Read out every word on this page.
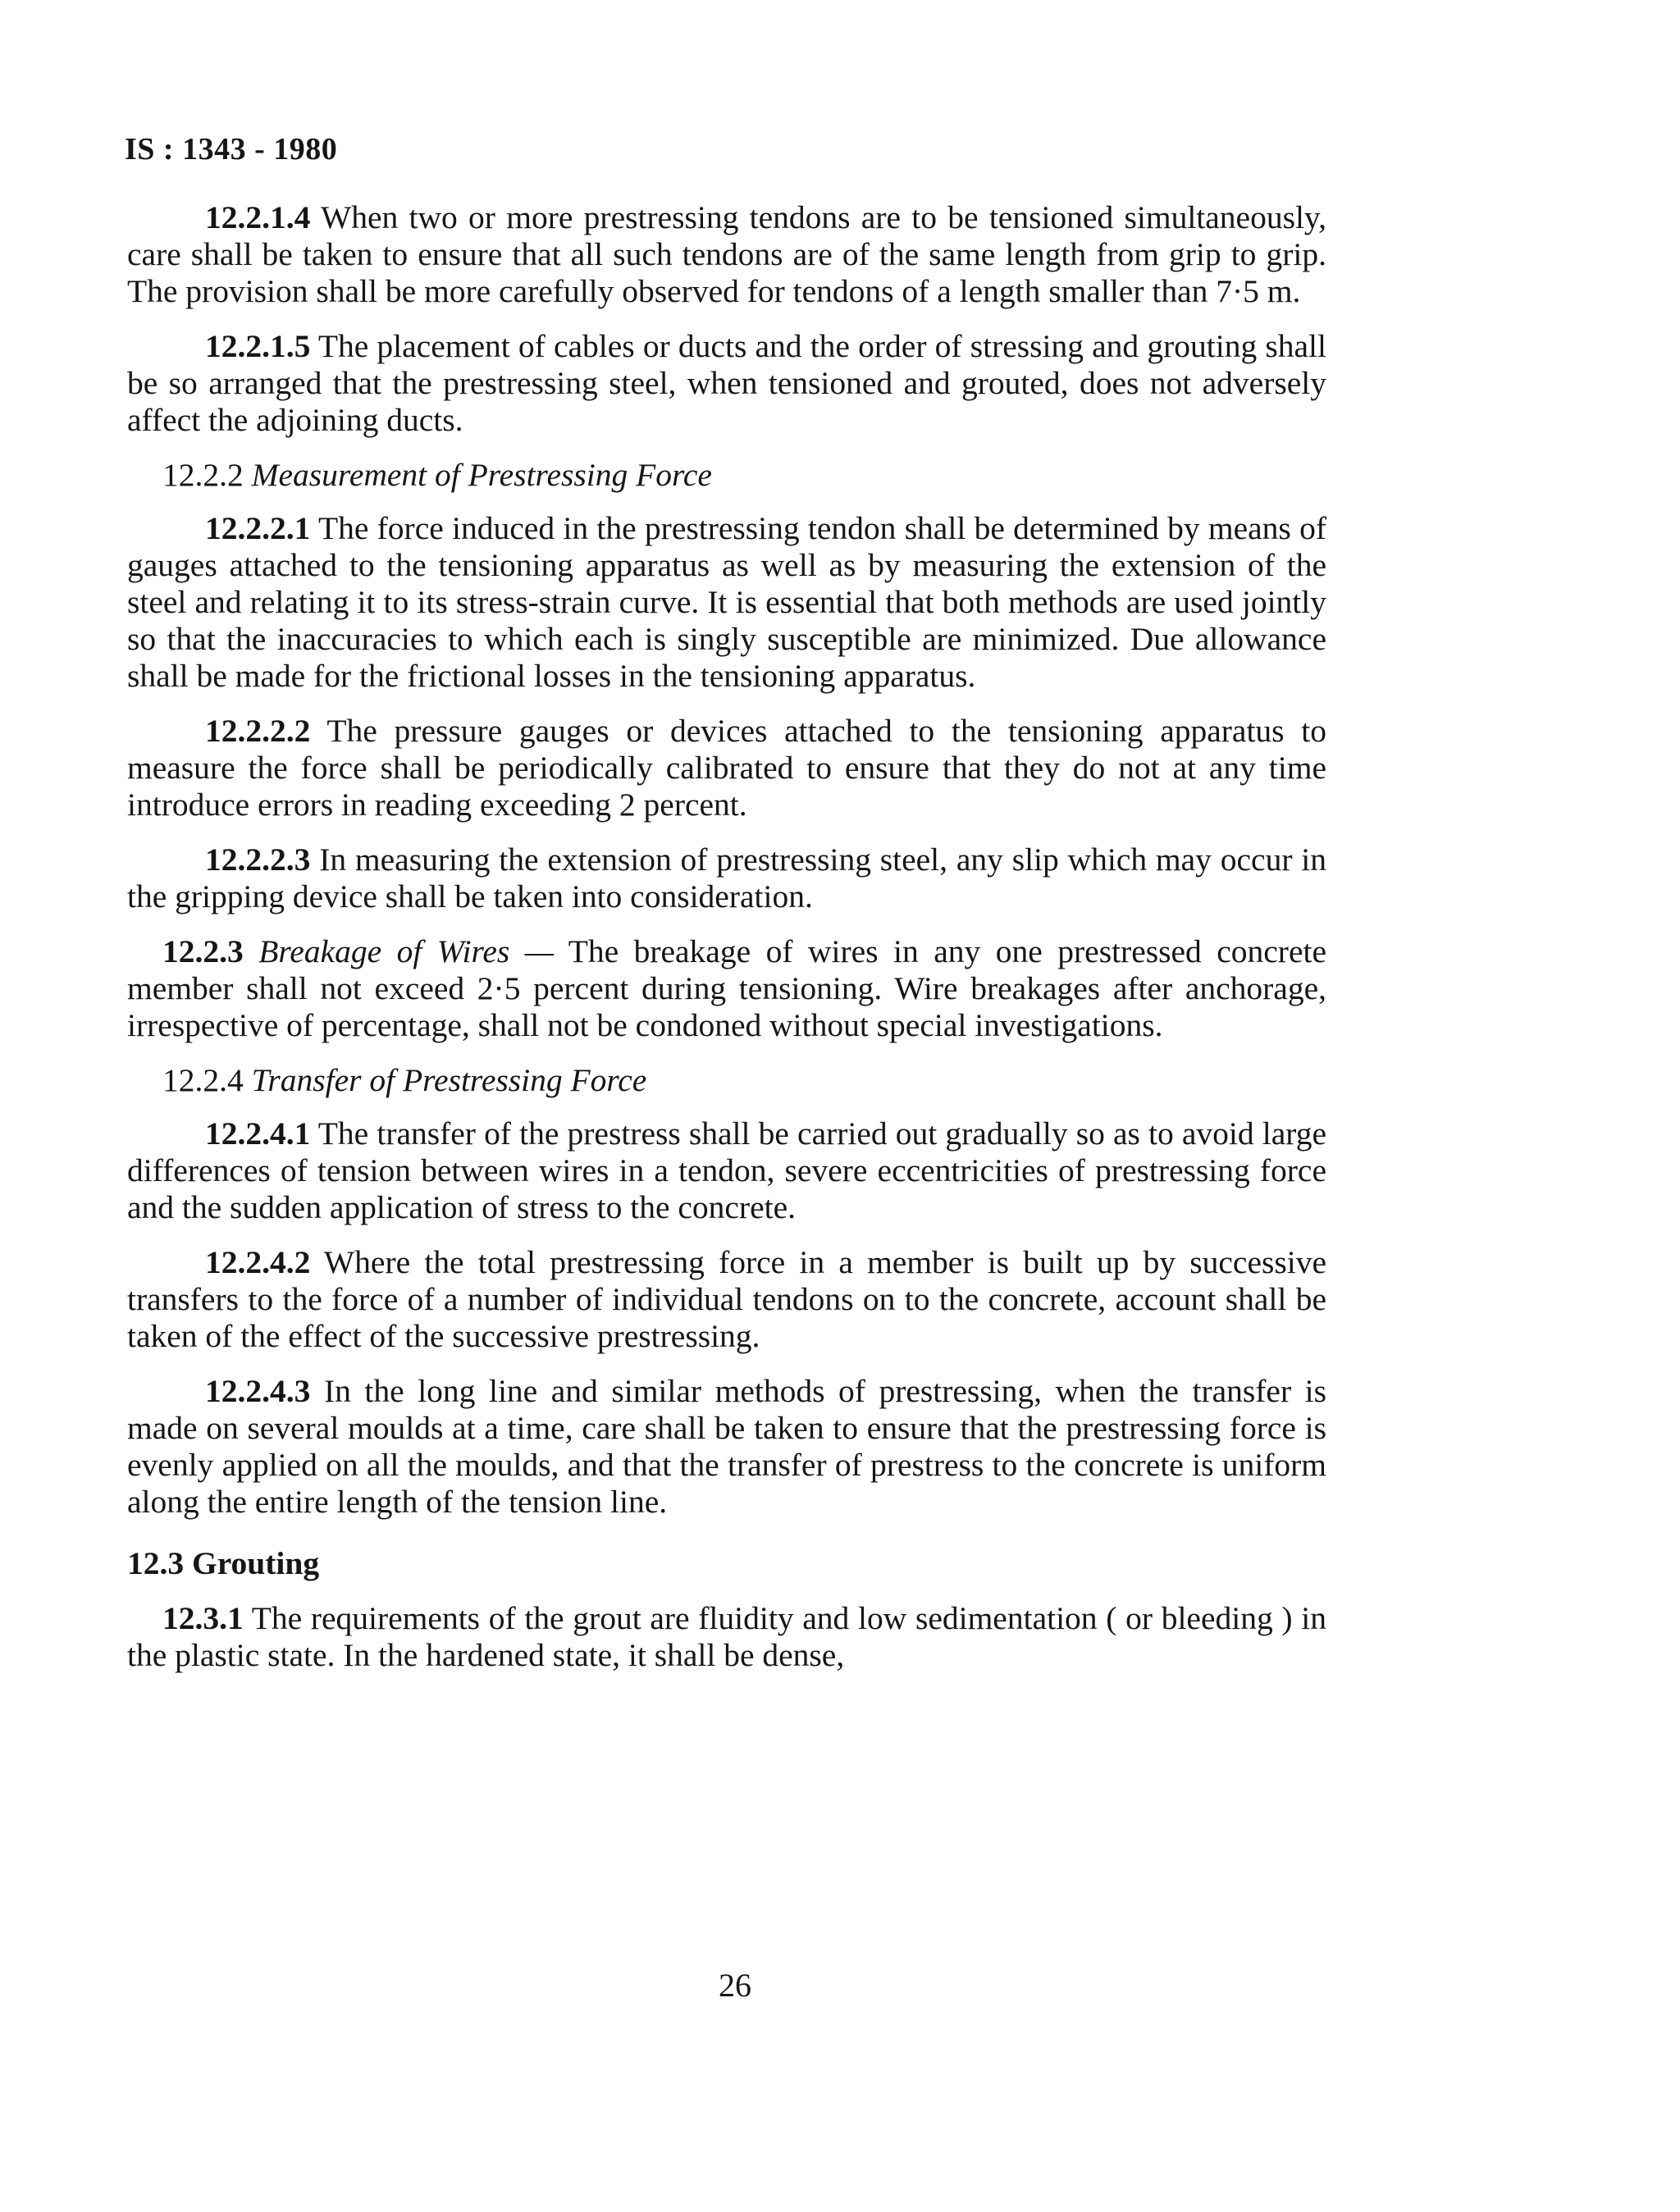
IS : 1343 - 1980

12.2.1.4 When two or more prestressing tendons are to be tensioned simultaneously, care shall be taken to ensure that all such tendons are of the same length from grip to grip. The provision shall be more carefully observed for tendons of a length smaller than 7·5 m.

12.2.1.5 The placement of cables or ducts and the order of stressing and grouting shall be so arranged that the prestressing steel, when tensioned and grouted, does not adversely affect the adjoining ducts.

12.2.2 Measurement of Prestressing Force

12.2.2.1 The force induced in the prestressing tendon shall be determined by means of gauges attached to the tensioning apparatus as well as by measuring the extension of the steel and relating it to its stress-strain curve. It is essential that both methods are used jointly so that the inaccuracies to which each is singly susceptible are minimized. Due allowance shall be made for the frictional losses in the tensioning apparatus.

12.2.2.2 The pressure gauges or devices attached to the tensioning apparatus to measure the force shall be periodically calibrated to ensure that they do not at any time introduce errors in reading exceeding 2 percent.

12.2.2.3 In measuring the extension of prestressing steel, any slip which may occur in the gripping device shall be taken into consideration.

12.2.3 Breakage of Wires — The breakage of wires in any one prestressed concrete member shall not exceed 2·5 percent during tensioning. Wire breakages after anchorage, irrespective of percentage, shall not be condoned without special investigations.

12.2.4 Transfer of Prestressing Force

12.2.4.1 The transfer of the prestress shall be carried out gradually so as to avoid large differences of tension between wires in a tendon, severe eccentricities of prestressing force and the sudden application of stress to the concrete.

12.2.4.2 Where the total prestressing force in a member is built up by successive transfers to the force of a number of individual tendons on to the concrete, account shall be taken of the effect of the successive prestressing.

12.2.4.3 In the long line and similar methods of prestressing, when the transfer is made on several moulds at a time, care shall be taken to ensure that the prestressing force is evenly applied on all the moulds, and that the transfer of prestress to the concrete is uniform along the entire length of the tension line.

12.3 Grouting

12.3.1 The requirements of the grout are fluidity and low sedimentation ( or bleeding ) in the plastic state. In the hardened state, it shall be dense,

26
